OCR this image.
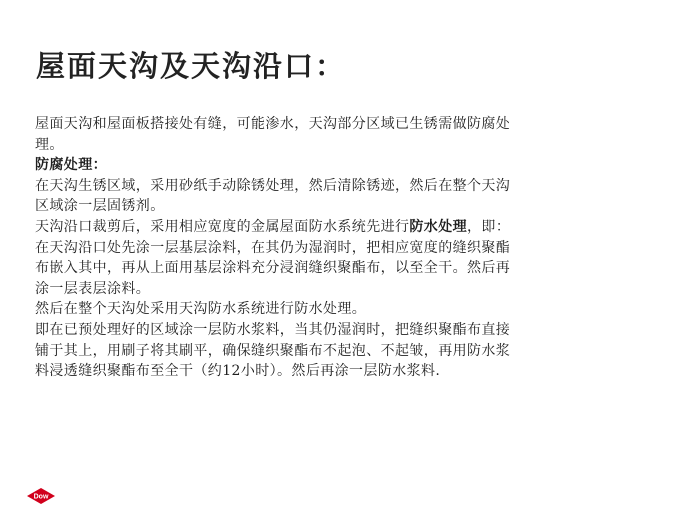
屋面天沟及天沟沿口：
屋面天沟和屋面板搭接处有缝，可能渗水，天沟部分区域已生锈需做防腐处
理。
防腐处理：
在天沟生锈区域，采用砂纸手动除锈处理，然后清除锈迹，然后在整个天沟
区域涂一层固锈剂。
天沟沿口裁剪后，采用相应宽度的金属屋面防水系统先进行防水处理，即：
在天沟沿口处先涂一层基层涂料，在其仍为湿润时，把相应宽度的缝织聚酯
布嵌入其中，再从上面用基层涂料充分浸润缝织聚酯布，以至全干。然后再
涂一层表层涂料。
然后在整个天沟处采用天沟防水系统进行防水处理。
即在已预处理好的区域涂一层防水浆料，当其仍湿润时，把缝织聚酯布直接
铺于其上，用刷子将其刷平，确保缝织聚酯布不起泡、不起皱，再用防水浆
料浸透缝织聚酯布至全干（约12小时）。然后再涂一层防水浆料.
Dow
